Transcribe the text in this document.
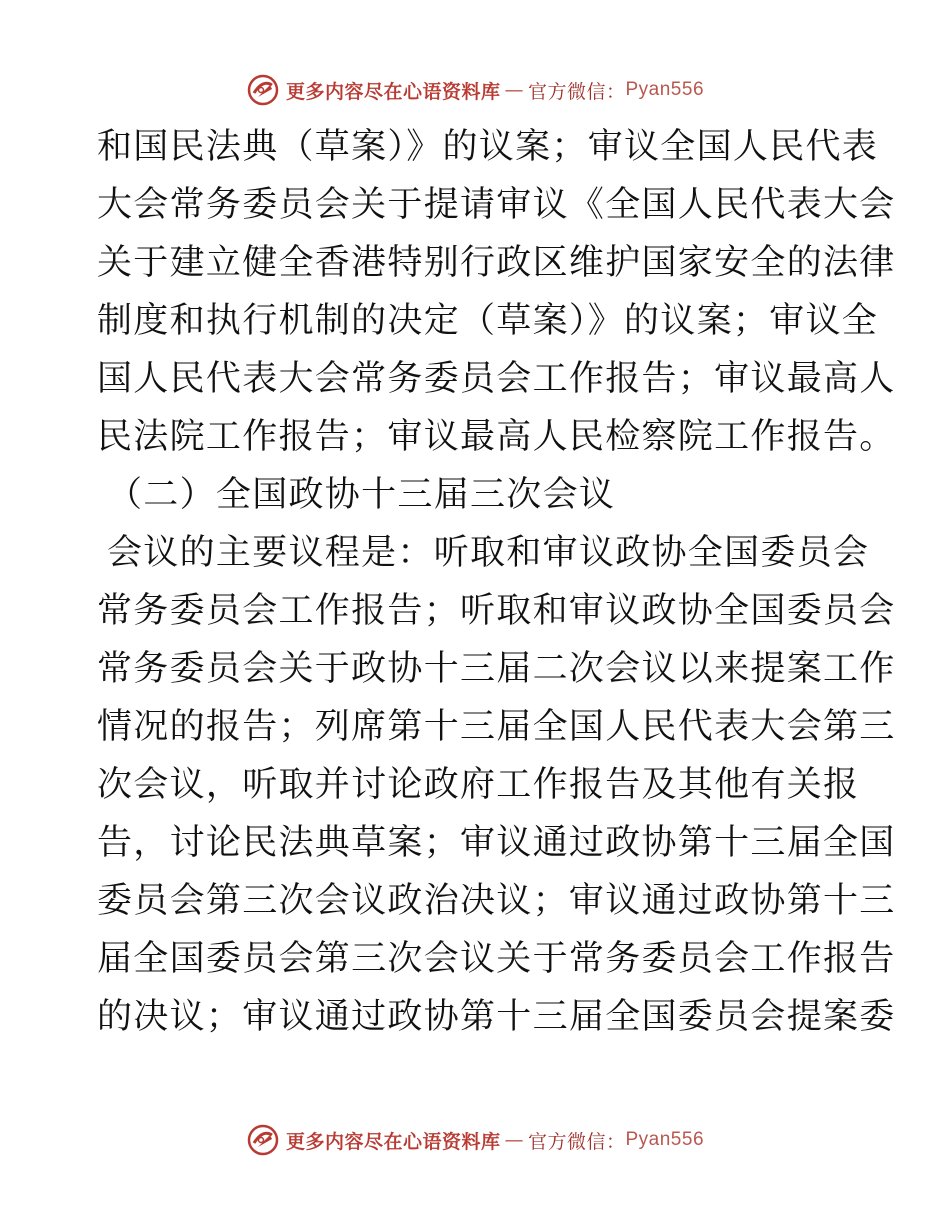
更多内容尽在心语资料库 — 官方微信： Pyan556
和国民法典（草案）》的议案；审议全国人民代表
大会常务委员会关于提请审议《全国人民代表大会
关于建立健全香港特别行政区维护国家安全的法律
制度和执行机制的决定（草案）》的议案；审议全
国人民代表大会常务委员会工作报告；审议最高人
民法院工作报告；审议最高人民检察院工作报告。
（二）全国政协十三届三次会议
会议的主要议程是：听取和审议政协全国委员会
常务委员会工作报告；听取和审议政协全国委员会
常务委员会关于政协十三届二次会议以来提案工作
情况的报告；列席第十三届全国人民代表大会第三
次会议，听取并讨论政府工作报告及其他有关报
告，讨论民法典草案；审议通过政协第十三届全国
委员会第三次会议政治决议；审议通过政协第十三
届全国委员会第三次会议关于常务委员会工作报告
的决议；审议通过政协第十三届全国委员会提案委
更多内容尽在心语资料库 — 官方微信： Pyan556
